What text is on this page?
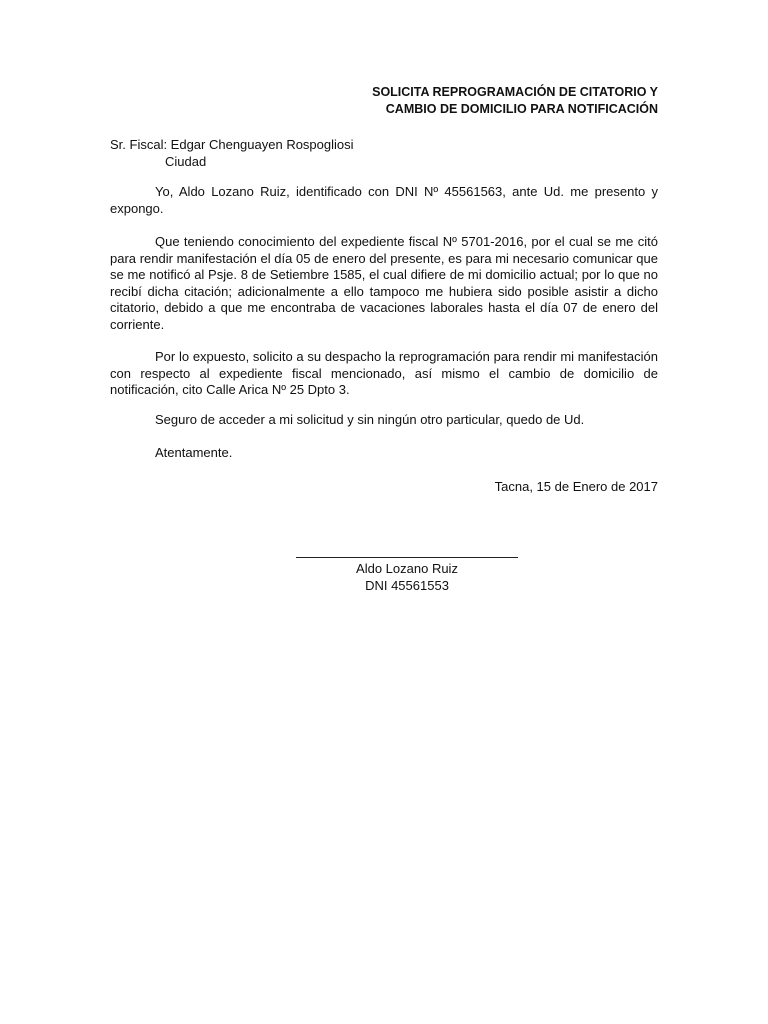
SOLICITA REPROGRAMACIÓN DE CITATORIO Y
CAMBIO DE DOMICILIO PARA NOTIFICACIÓN
Sr. Fiscal: Edgar Chenguayen Rospogliosi
Ciudad

Yo, Aldo Lozano Ruiz, identificado con DNI Nº 45561563, ante Ud. me presento y expongo.

Que teniendo conocimiento del expediente fiscal Nº 5701-2016, por el cual se me citó para rendir manifestación el día 05 de enero del presente, es para mi necesario comunicar que se me notificó al Psje. 8 de Setiembre 1585, el cual difiere de mi domicilio actual; por lo que no recibí dicha citación; adicionalmente a ello tampoco me hubiera sido posible asistir a dicho citatorio, debido a que me encontraba de vacaciones laborales hasta el día 07 de enero del corriente.

Por lo expuesto, solicito a su despacho la reprogramación para rendir mi manifestación con respecto al expediente fiscal mencionado, así mismo el cambio de domicilio de notificación, cito Calle Arica Nº 25 Dpto 3.

Seguro de acceder a mi solicitud y sin ningún otro particular, quedo de Ud.

Atentamente.

Tacna, 15 de Enero de 2017
Aldo Lozano Ruiz
DNI 45561553
